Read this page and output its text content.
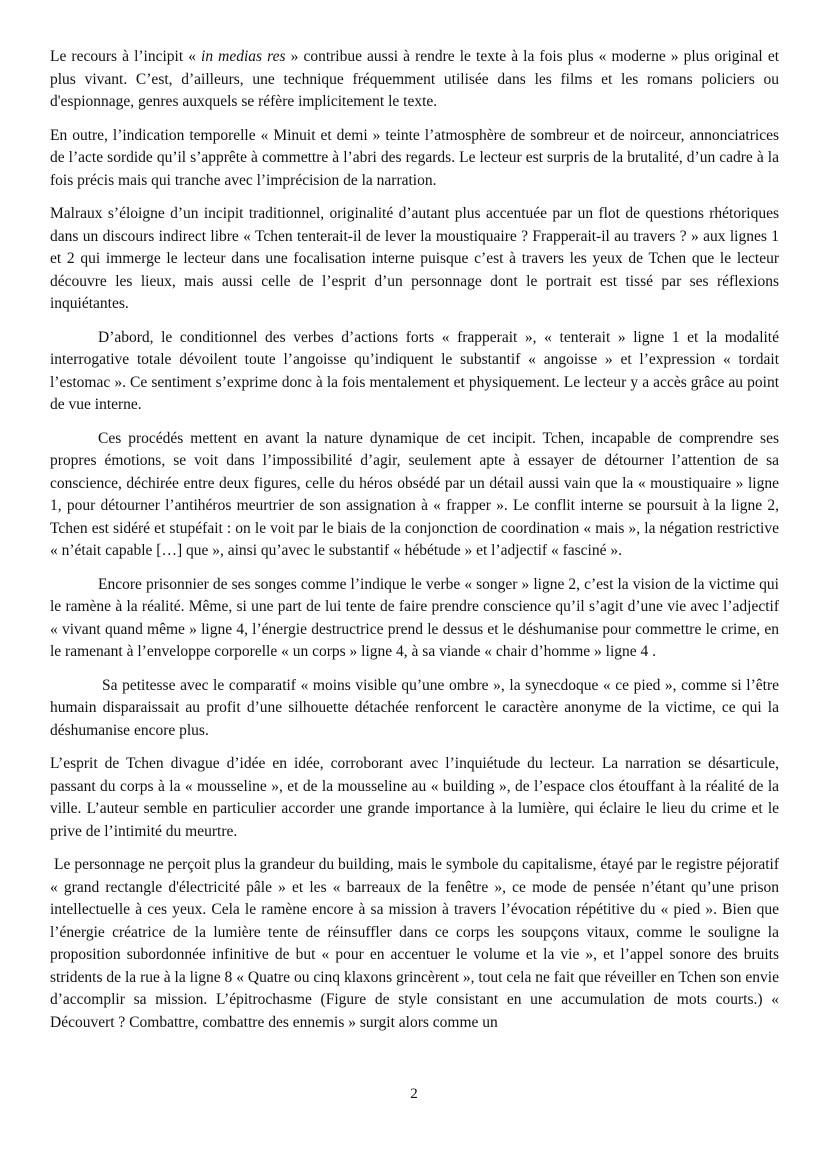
Le recours à l’incipit « in medias res » contribue aussi à rendre le texte à la fois plus « moderne » plus original et plus vivant. C’est, d’ailleurs, une technique fréquemment utilisée dans les films et les romans policiers ou d'espionnage, genres auxquels se réfère implicitement le texte.

En outre, l’indication temporelle « Minuit et demi » teinte l’atmosphère de sombreur et de noirceur, annonciatrices de l’acte sordide qu’il s’apprête à commettre à l’abri des regards. Le lecteur est surpris de la brutalité, d’un cadre à la fois précis mais qui tranche avec l’imprécision de la narration.

Malraux s’éloigne d’un incipit traditionnel, originalité d’autant plus accentuée par un flot de questions rhétoriques dans un discours indirect libre « Tchen tenterait-il de lever la moustiquaire ? Frapperait-il au travers ? » aux lignes 1 et 2 qui immerge le lecteur dans une focalisation interne puisque c’est à travers les yeux de Tchen que le lecteur découvre les lieux, mais aussi celle de l’esprit d’un personnage dont le portrait est tissé par ses réflexions inquiétantes.

D’abord, le conditionnel des verbes d’actions forts « frapperait », « tenterait » ligne 1 et la modalité interrogative totale dévoilent toute l’angoisse qu’indiquent le substantif « angoisse » et l’expression « tordait l’estomac ». Ce sentiment s’exprime donc à la fois mentalement et physiquement. Le lecteur y a accès grâce au point de vue interne.

Ces procédés mettent en avant la nature dynamique de cet incipit. Tchen, incapable de comprendre ses propres émotions, se voit dans l’impossibilité d’agir, seulement apte à essayer de détourner l’attention de sa conscience, déchirée entre deux figures, celle du héros obsédé par un détail aussi vain que la « moustiquaire » ligne 1, pour détourner l’antihéros meurtrier de son assignation à « frapper ». Le conflit interne se poursuit à la ligne 2, Tchen est sidéré et stupéfait : on le voit par le biais de la conjonction de coordination « mais », la négation restrictive « n’était capable […] que », ainsi qu’avec le substantif « hébétude » et l’adjectif « fasciné ».

Encore prisonnier de ses songes comme l’indique le verbe « songer » ligne 2, c’est la vision de la victime qui le ramène à la réalité. Même, si une part de lui tente de faire prendre conscience qu’il s’agit d’une vie avec l’adjectif « vivant quand même » ligne 4, l’énergie destructrice prend le dessus et le déshumanise pour commettre le crime, en le ramenant à l’enveloppe corporelle « un corps » ligne 4, à sa viande « chair d’homme » ligne 4 .

Sa petitesse avec le comparatif « moins visible qu’une ombre », la synecdoque « ce pied », comme si l’être humain disparaissait au profit d’une silhouette détachée renforcent le caractère anonyme de la victime, ce qui la déshumanise encore plus.

L’esprit de Tchen divague d’idée en idée, corroborant avec l’inquiétude du lecteur. La narration se désarticule, passant du corps à la « mousseline », et de la mousseline au « building », de l’espace clos étouffant à la réalité de la ville. L’auteur semble en particulier accorder une grande importance à la lumière, qui éclaire le lieu du crime et le prive de l’intimité du meurtre.

Le personnage ne perçoit plus la grandeur du building, mais le symbole du capitalisme, étayé par le registre péjoratif « grand rectangle d'électricité pâle » et les « barreaux de la fenêtre », ce mode de pensée n’étant qu’une prison intellectuelle à ces yeux. Cela le ramène encore à sa mission à travers l’évocation répétitive du « pied ». Bien que l’énergie créatrice de la lumière tente de réinsuffler dans ce corps les soupçons vitaux, comme le souligne la proposition subordonnée infinitive de but « pour en accentuer le volume et la vie », et l’appel sonore des bruits stridents de la rue à la ligne 8 « Quatre ou cinq klaxons grincèrent », tout cela ne fait que réveiller en Tchen son envie d’accomplir sa mission. L’épitrochasme (Figure de style consistant en une accumulation de mots courts.) « Découvert ? Combattre, combattre des ennemis » surgit alors comme un

2
